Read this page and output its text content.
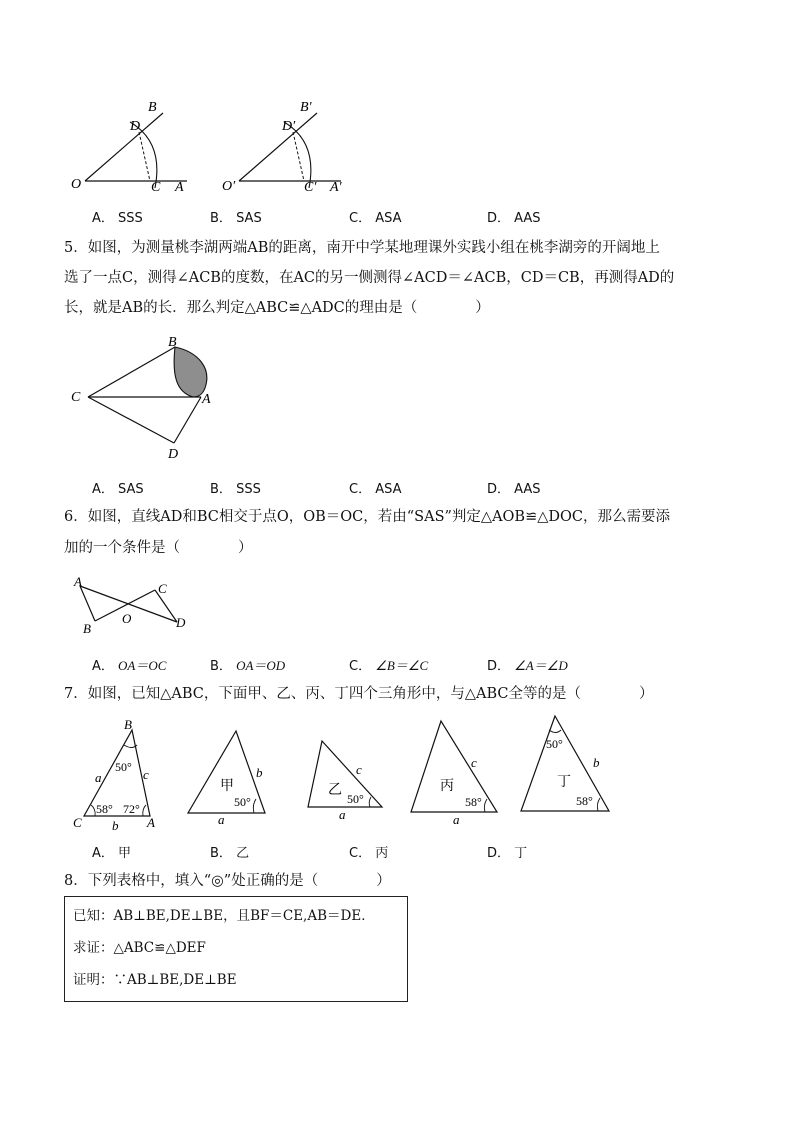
B
D
O	C A
B′
D′
O′	C′ A′
A． SSS	B． SAS	C． ASA	D． AAS
5．如图，为测量桃李湖两端AB的距离，南开中学某地理课外实践小组在桃李湖旁的开阔地上
选了一点C，测得∠ACB的度数，在AC的另一侧测得∠ACD＝∠ACB，CD＝CB，再测得AD的
长，就是AB的长．那么判定△ABC≌△ADC的理由是（　　　　）
B
C	A
D
A． SAS	B． SSS	C． ASA	D． AAS
6．如图，直线AD和BC相交于点O，OB＝OC，若由“SAS”判定△AOB≌△DOC，那么需要添
加的一个条件是（　　　　）
A
B
O
C
D
A． OA＝OC	B． OA＝OD	C． ∠B＝∠C	D． ∠A＝∠D
7．如图，已知△ABC，下面甲、乙、丙、丁四个三角形中，与△ABC全等的是（　　　　）
B
C	A
a	c
b
50°
58° 72°
甲
b
50°
a
乙
c
50°
a
丙
c
58°
a
50°
丁
b
58°
A． 甲	B． 乙	C． 丙	D． 丁
8．下列表格中，填入“◎”处正确的是（　　　　）
已知：AB⊥BE,DE⊥BE，且BF＝CE,AB＝DE．
求证：△ABC≌△DEF
证明：∵AB⊥BE,DE⊥BE
